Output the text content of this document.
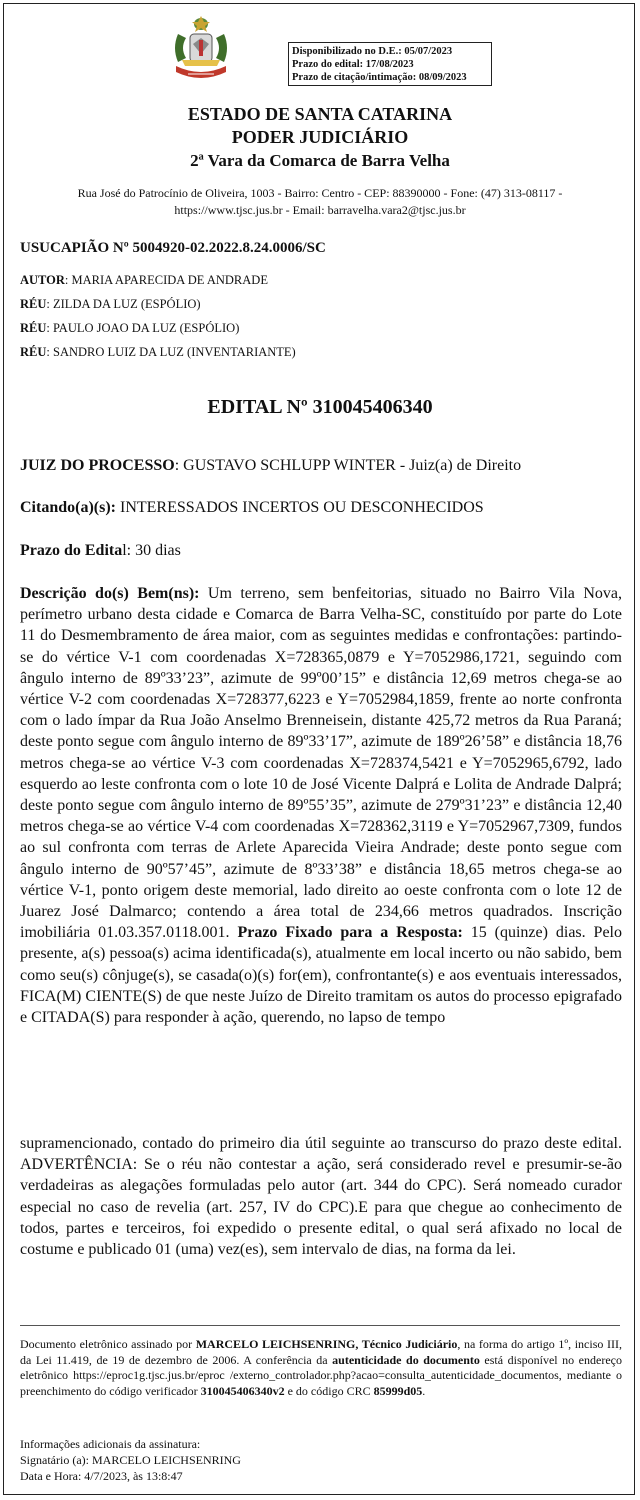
Disponibilizado no D.E.: 05/07/2023
Prazo do edital: 17/08/2023
Prazo de citação/intimação: 08/09/2023
ESTADO DE SANTA CATARINA
PODER JUDICIÁRIO
2ª Vara da Comarca de Barra Velha
Rua José do Patrocínio de Oliveira, 1003 - Bairro: Centro - CEP: 88390000 - Fone: (47) 313-08117 -
https://www.tjsc.jus.br - Email: barravelha.vara2@tjsc.jus.br
USUCAPIÃO Nº 5004920-02.2022.8.24.0006/SC
AUTOR: MARIA APARECIDA DE ANDRADE
RÉU: ZILDA DA LUZ (ESPÓLIO)
RÉU: PAULO JOAO DA LUZ (ESPÓLIO)
RÉU: SANDRO LUIZ DA LUZ (INVENTARIANTE)
EDITAL Nº 310045406340
JUIZ DO PROCESSO: GUSTAVO SCHLUPP WINTER - Juiz(a) de Direito
Citando(a)(s): INTERESSADOS INCERTOS OU DESCONHECIDOS
Prazo do Edital: 30 dias
Descrição do(s) Bem(ns): Um terreno, sem benfeitorias, situado no Bairro Vila Nova, perímetro urbano desta cidade e Comarca de Barra Velha-SC, constituído por parte do Lote 11 do Desmembramento de área maior, com as seguintes medidas e confrontações: partindo-se do vértice V-1 com coordenadas X=728365,0879 e Y=7052986,1721, seguindo com ângulo interno de 89º33’23”, azimute de 99º00’15” e distância 12,69 metros chega-se ao vértice V-2 com coordenadas X=728377,6223 e Y=7052984,1859, frente ao norte confronta com o lado ímpar da Rua João Anselmo Brenneisein, distante 425,72 metros da Rua Paraná; deste ponto segue com ângulo interno de 89º33’17”, azimute de 189º26’58” e distância 18,76 metros chega-se ao vértice V-3 com coordenadas X=728374,5421 e Y=7052965,6792, lado esquerdo ao leste confronta com o lote 10 de José Vicente Dalprá e Lolita de Andrade Dalprá; deste ponto segue com ângulo interno de 89º55’35”, azimute de 279º31’23” e distância 12,40 metros chega-se ao vértice V-4 com coordenadas X=728362,3119 e Y=7052967,7309, fundos ao sul confronta com terras de Arlete Aparecida Vieira Andrade; deste ponto segue com ângulo interno de 90º57’45”, azimute de 8º33’38” e distância 18,65 metros chega-se ao vértice V-1, ponto origem deste memorial, lado direito ao oeste confronta com o lote 12 de Juarez José Dalmarco; contendo a área total de 234,66 metros quadrados. Inscrição imobiliária 01.03.357.0118.001. Prazo Fixado para a Resposta: 15 (quinze) dias. Pelo presente, a(s) pessoa(s) acima identificada(s), atualmente em local incerto ou não sabido, bem como seu(s) cônjuge(s), se casada(o)(s) for(em), confrontante(s) e aos eventuais interessados, FICA(M) CIENTE(S) de que neste Juízo de Direito tramitam os autos do processo epigrafado e CITADA(S) para responder à ação, querendo, no lapso de tempo
supramencionado, contado do primeiro dia útil seguinte ao transcurso do prazo deste edital. ADVERTÊNCIA: Se o réu não contestar a ação, será considerado revel e presumir-se-ão verdadeiras as alegações formuladas pelo autor (art. 344 do CPC). Será nomeado curador especial no caso de revelia (art. 257, IV do CPC).E para que chegue ao conhecimento de todos, partes e terceiros, foi expedido o presente edital, o qual será afixado no local de costume e publicado 01 (uma) vez(es), sem intervalo de dias, na forma da lei.
Documento eletrônico assinado por MARCELO LEICHSENRING, Técnico Judiciário, na forma do artigo 1º, inciso III, da Lei 11.419, de 19 de dezembro de 2006. A conferência da autenticidade do documento está disponível no endereço eletrônico https://eproc1g.tjsc.jus.br/eproc /externo_controlador.php?acao=consulta_autenticidade_documentos, mediante o preenchimento do código verificador 310045406340v2 e do código CRC 85999d05.
Informações adicionais da assinatura:
Signatário (a): MARCELO LEICHSENRING
Data e Hora: 4/7/2023, às 13:8:47
